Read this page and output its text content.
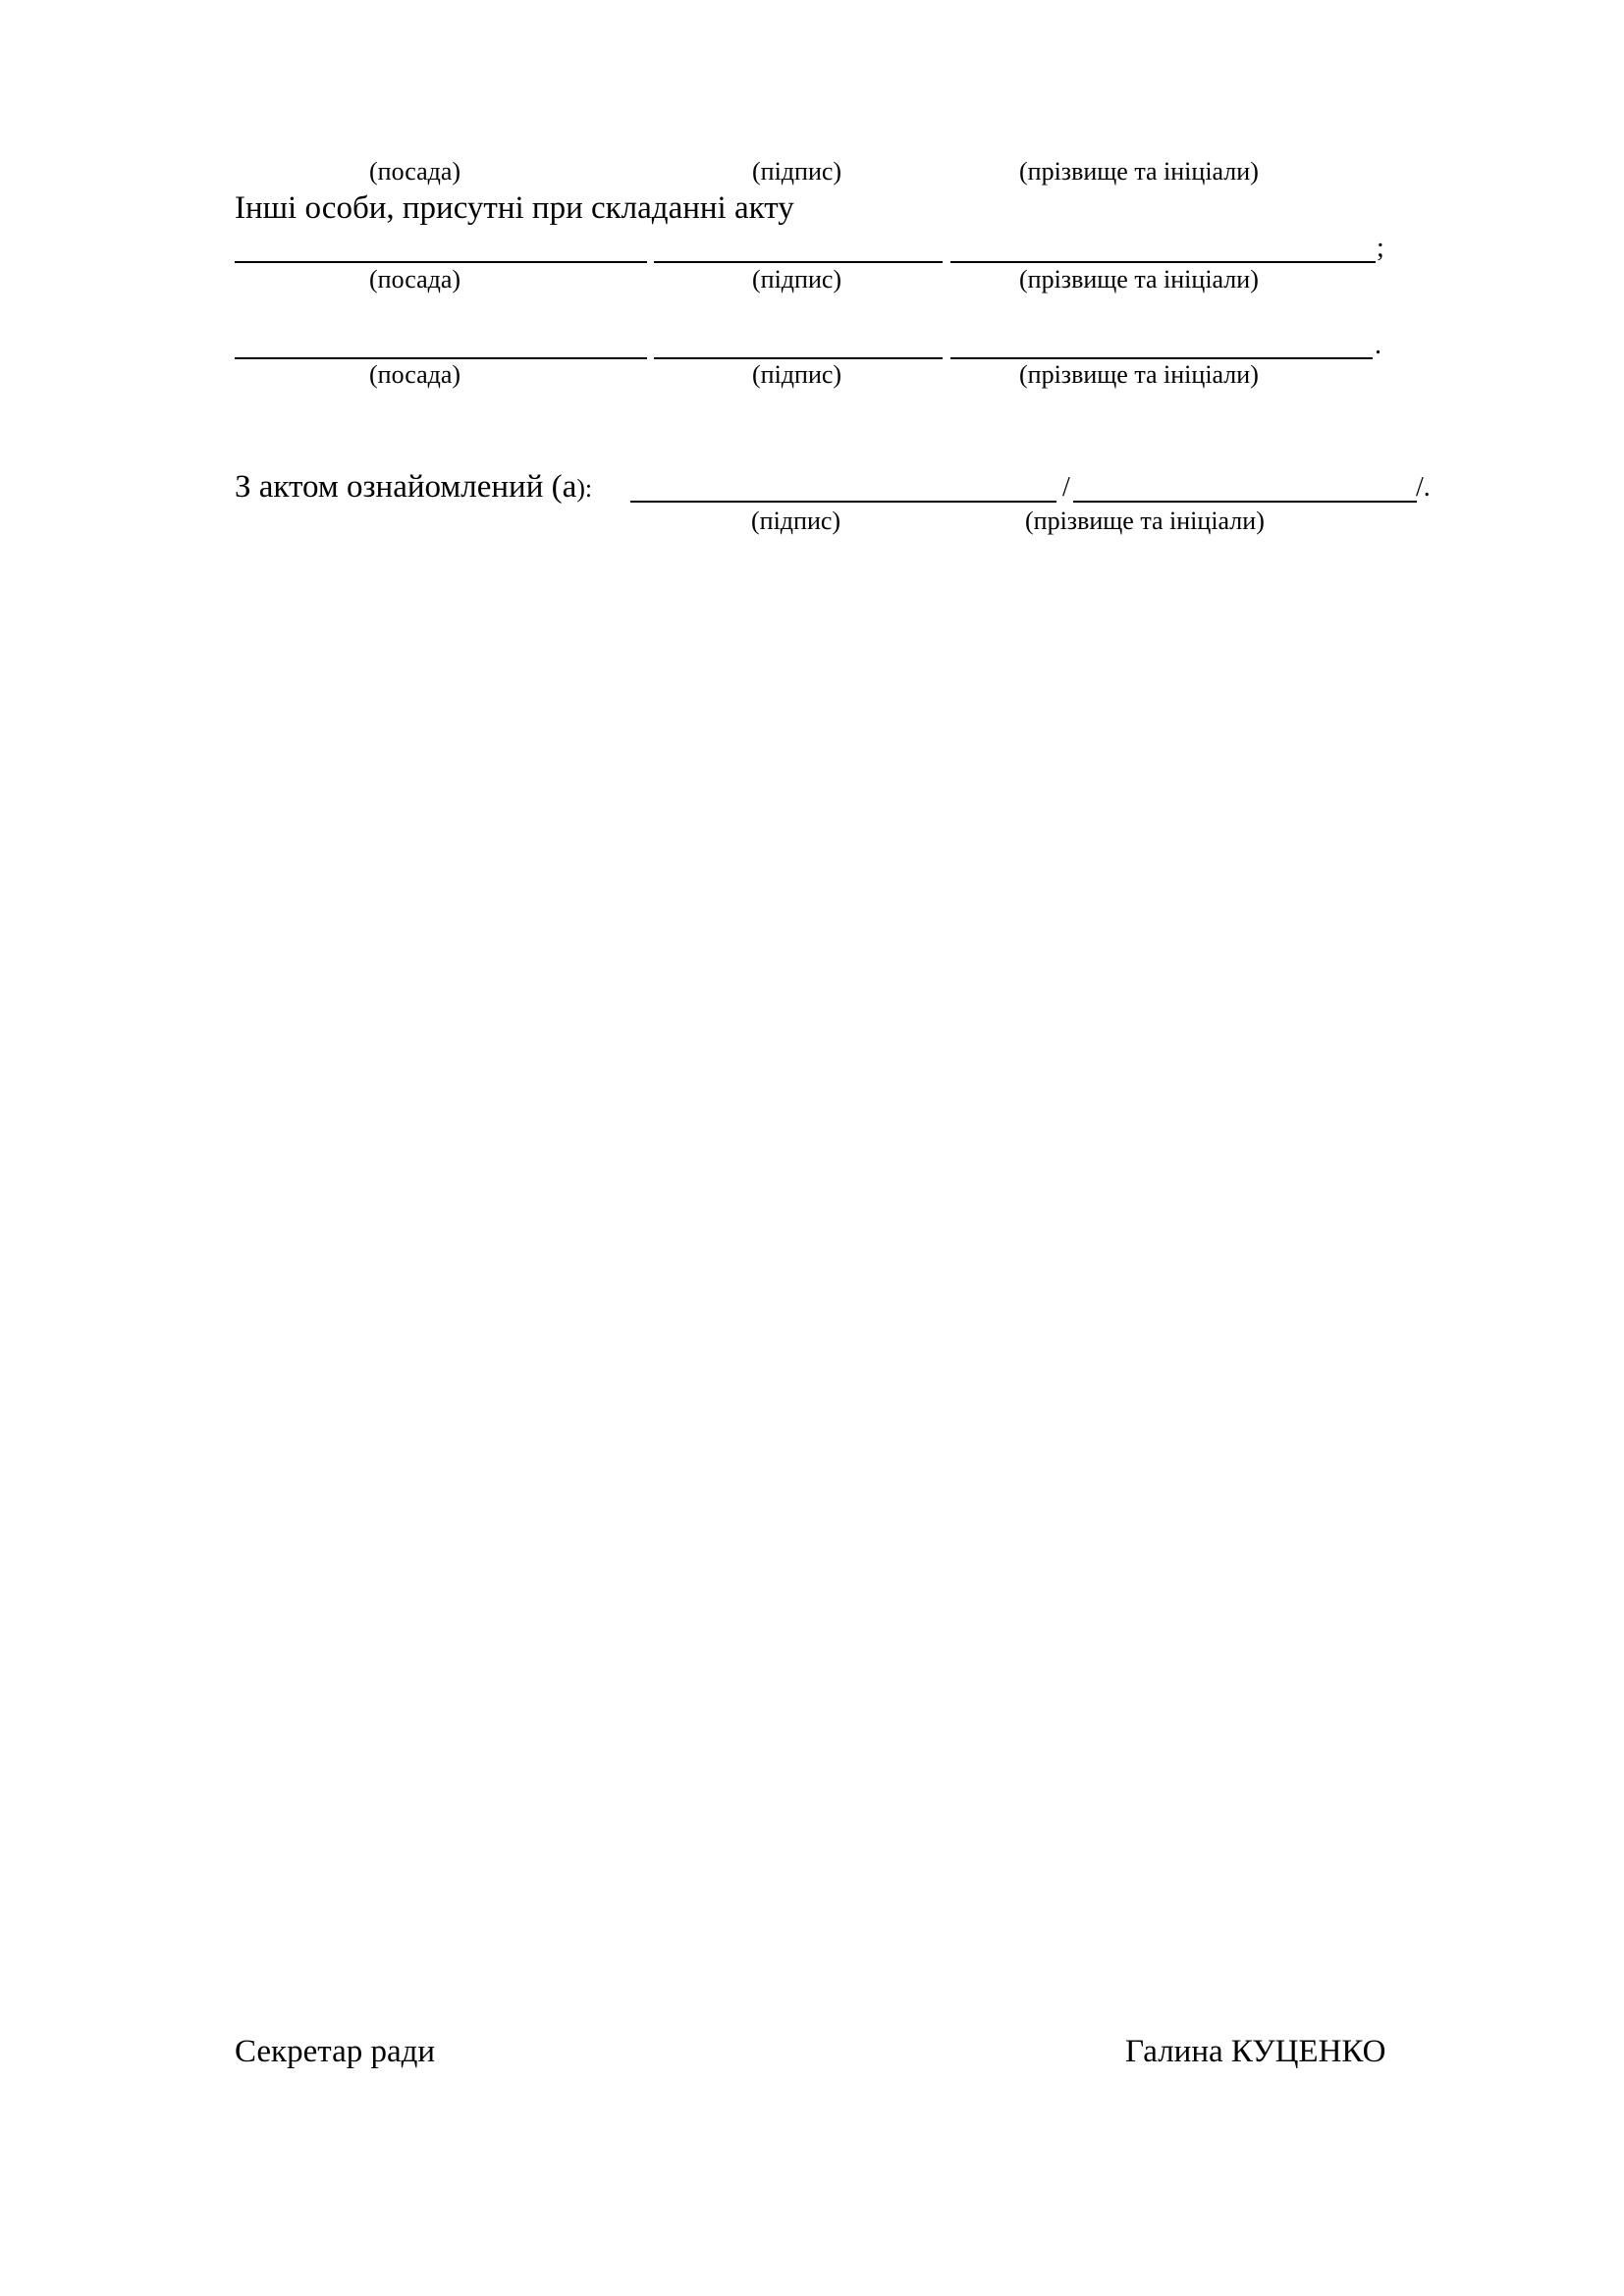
(посада)	(підпис)	(прізвище та ініціали)
Інші особи, присутні при складанні акту
;
(посада)	(підпис)	(прізвище та ініціали)
.
(посада)	(підпис)	(прізвище та ініціали)
З актом ознайомлений (а):	/	/.
(підпис)	(прізвище та ініціали)
Секретар ради	Галина КУЦЕНКО
